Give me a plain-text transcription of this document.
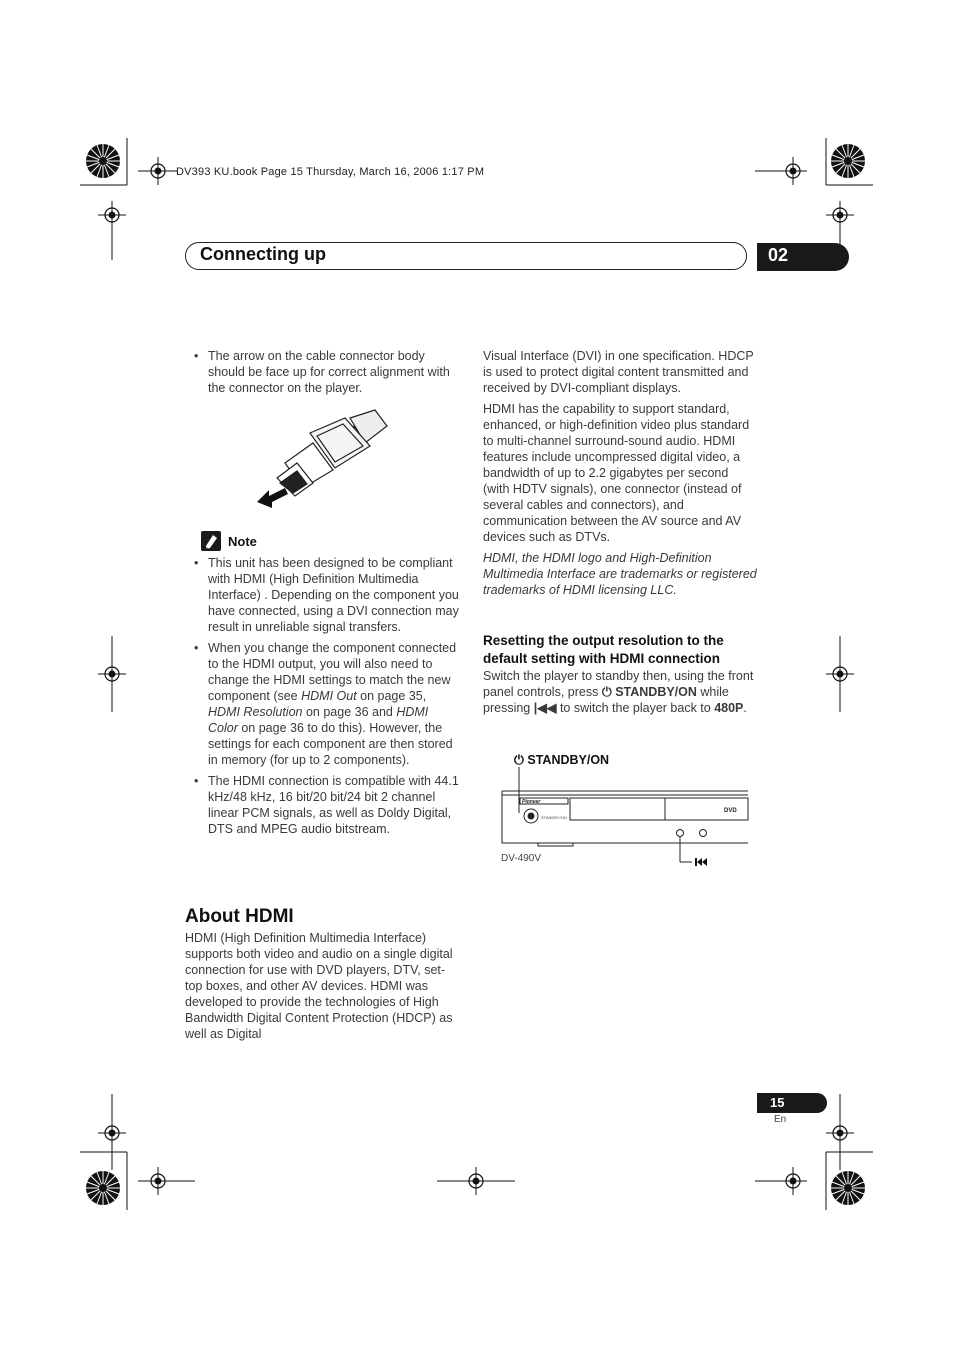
DV393 KU.book Page 15 Thursday, March 16, 2006 1:17 PM
Connecting up	02
• The arrow on the cable connector body should be face up for correct alignment with the connector on the player.
Note
• This unit has been designed to be compliant with HDMI (High Definition Multimedia Interface) . Depending on the component you have connected, using a DVI connection may result in unreliable signal transfers.
• When you change the component connected to the HDMI output, you will also need to change the HDMI settings to match the new component (see HDMI Out on page 35, HDMI Resolution on page 36 and HDMI Color on page 36 to do this). However, the settings for each component are then stored in memory (for up to 2 components).
• The HDMI connection is compatible with 44.1 kHz/48 kHz, 16 bit/20 bit/24 bit 2 channel linear PCM signals, as well as Doldy Digital, DTS and MPEG audio bitstream.
About HDMI
HDMI (High Definition Multimedia Interface) supports both video and audio on a single digital connection for use with DVD players, DTV, set-top boxes, and other AV devices. HDMI was developed to provide the technologies of High Bandwidth Digital Content Protection (HDCP) as well as Digital
Visual Interface (DVI) in one specification. HDCP is used to protect digital content transmitted and received by DVI-compliant displays.
HDMI has the capability to support standard, enhanced, or high-definition video plus standard to multi-channel surround-sound audio. HDMI features include uncompressed digital video, a bandwidth of up to 2.2 gigabytes per second (with HDTV signals), one connector (instead of several cables and connectors), and communication between the AV source and AV devices such as DTVs.
HDMI, the HDMI logo and High-Definition Multimedia Interface are trademarks or registered trademarks of HDMI licensing LLC.
Resetting the output resolution to the default setting with HDMI connection
Switch the player to standby then, using the front panel controls, press ⏻ STANDBY/ON while pressing |◀◀ to switch the player back to 480P.
⏻ STANDBY/ON
STANDBY/ON
Pioneer
DVD
DV-490V
15
En
